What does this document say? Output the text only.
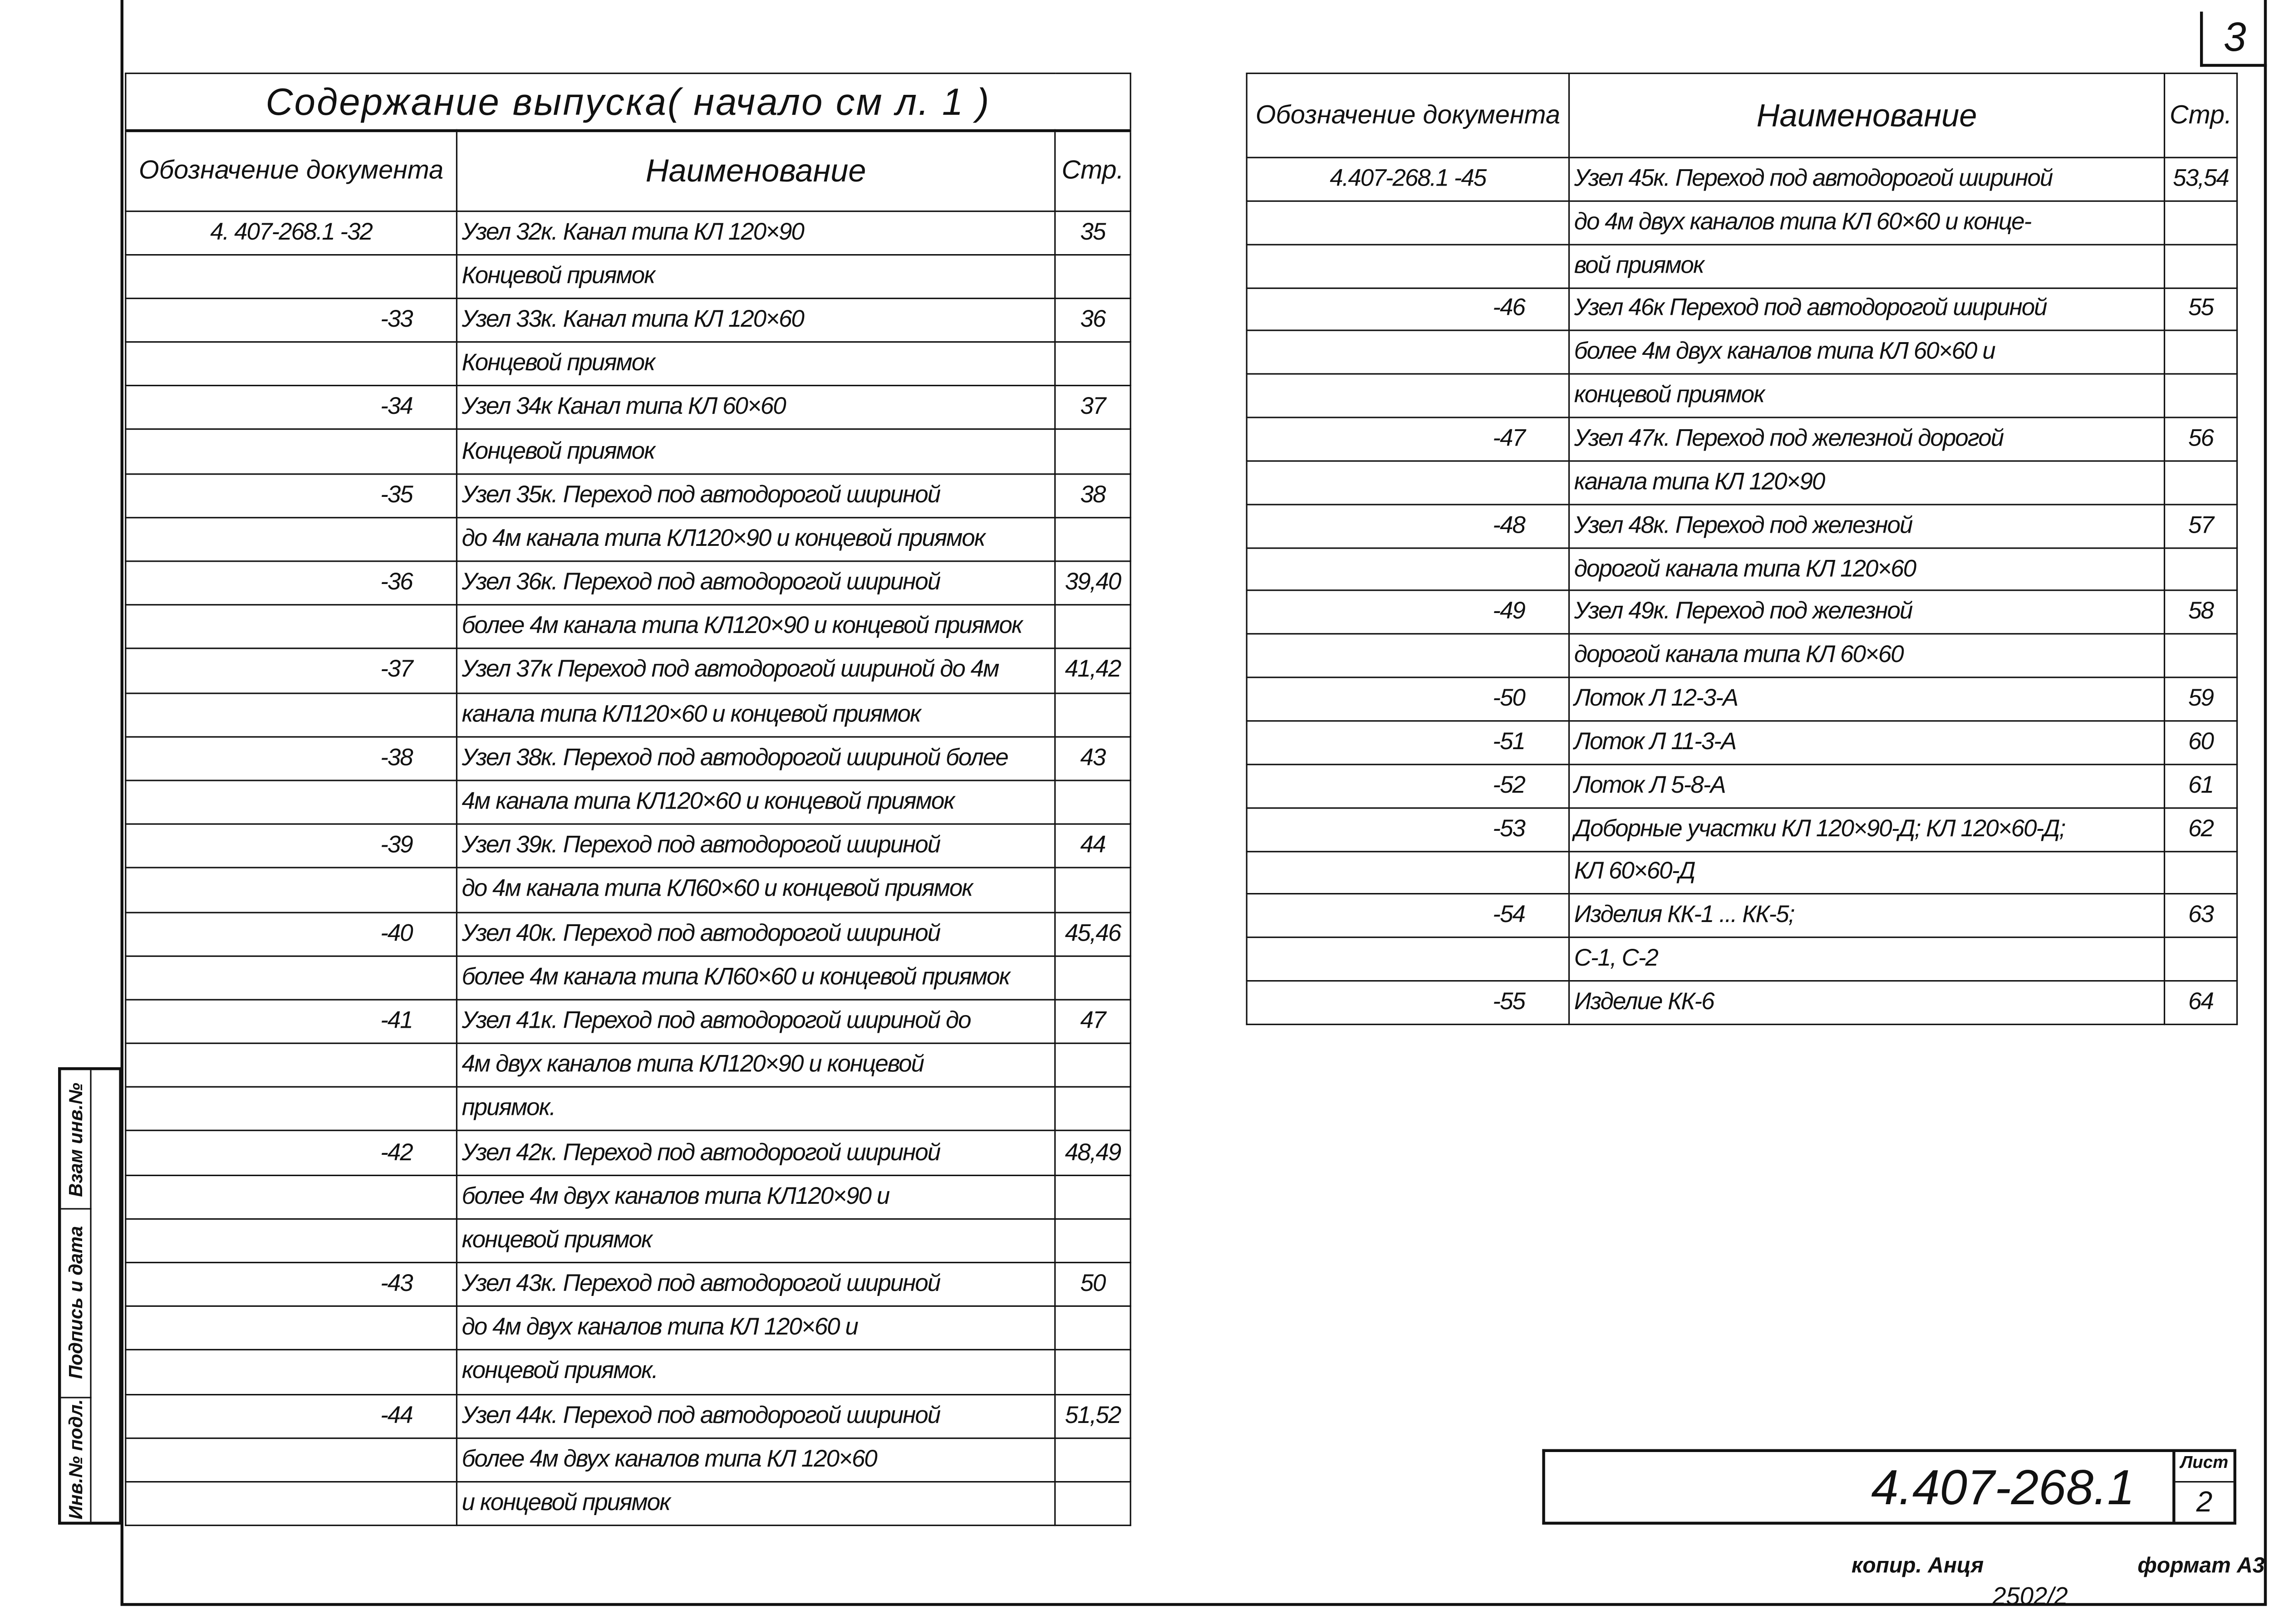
3
Содержание выпуска( начало см л. 1 )		
Обозначение документа	Наименование	Стр.
4. 407-268.1 -32	Узел 32к. Канал типа КЛ 120×90	35
	Концевой приямок	
-33	Узел 33к. Канал типа КЛ 120×60	36
	Концевой приямок	
-34	Узел 34к Канал типа КЛ 60×60	37
	Концевой приямок	
-35	Узел 35к. Переход под автодорогой шириной	38
	до 4м канала типа КЛ120×90 и концевой приямок	
-36	Узел 36к. Переход под автодорогой шириной	39,40
	более 4м канала типа КЛ120×90 и концевой приямок	
-37	Узел 37к Переход под автодорогой шириной до 4м	41,42
	канала типа КЛ120×60 и концевой приямок	
-38	Узел 38к. Переход под автодорогой шириной более	43
	4м канала типа КЛ120×60 и концевой приямок	
-39	Узел 39к. Переход под автодорогой шириной	44
	до 4м канала типа КЛ60×60 и концевой приямок	
-40	Узел 40к. Переход под автодорогой шириной	45,46
	более 4м канала типа КЛ60×60 и концевой приямок	
-41	Узел 41к. Переход под автодорогой шириной до	47
	4м двух каналов типа КЛ120×90 и концевой	
	приямок.	
-42	Узел 42к. Переход под автодорогой шириной	48,49
	более 4м двух каналов типа КЛ120×90 и	
	концевой приямок	
-43	Узел 43к. Переход под автодорогой шириной	50
	до 4м двух каналов типа КЛ 120×60 и	
	концевой приямок.	
-44	Узел 44к. Переход под автодорогой шириной	51,52
	более 4м двух каналов типа КЛ 120×60	
	и концевой приямок	
Обозначение документа	Наименование	Стр.
4.407-268.1 -45	Узел 45к. Переход под автодорогой шириной	53,54
	до 4м двух каналов типа КЛ 60×60 и конце-	
	вой приямок	
-46	Узел 46к Переход под автодорогой шириной	55
	более 4м двух каналов типа КЛ 60×60 и	
	концевой приямок	
-47	Узел 47к. Переход под железной дорогой	56
	канала типа КЛ 120×90	
-48	Узел 48к. Переход под железной	57
	дорогой канала типа КЛ 120×60	
-49	Узел 49к. Переход под железной	58
	дорогой канала типа КЛ 60×60	
-50	Лоток Л 12-3-А	59
-51	Лоток Л 11-3-А	60
-52	Лоток Л 5-8-А	61
-53	Доборные участки КЛ 120×90-Д; КЛ 120×60-Д;	62
	КЛ 60×60-Д	
-54	Изделия КК-1 ... КК-5;	63
	С-1, С-2	
-55	Изделие КК-6	64
Взам инв.№
Подпись и дата
Инв.№ подл.	4.407-268.1	Лист
2
копир. Анця
2502/2
формат А3
